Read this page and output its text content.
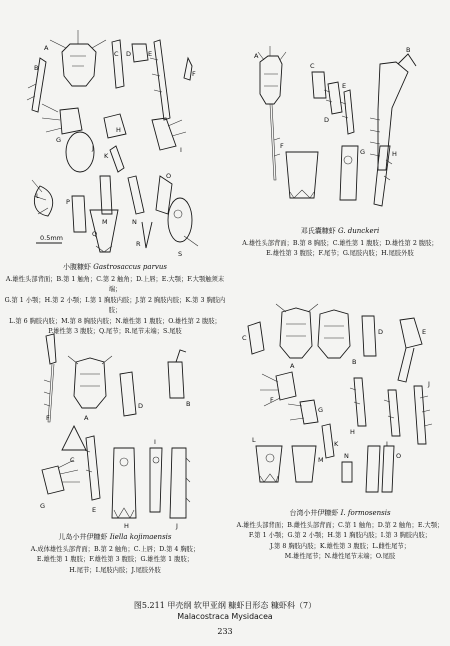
A
B
C D	E
F
G
H
I
J
K
L
M	N
O
P
Q
R
S
0.5mm
小腹糠虾 Gastrosaccus parvus
A.雄性头部背面；B.第 1 触角；C.第 2 触角；D.上唇；E.大颚；F.大颚触须末端；
G.第 1 小颚；H.第 2 小颚；I.第 1 胸肢内肢；J.第 2 胸肢内肢；K.第 3 胸肢内肢；
L.第 6 胸肢内肢；M.第 8 胸肢内肢；N.雄性第 1 腹肢；O.雄性第 2 腹肢；
P.雄性第 3 腹肢；Q.尾节；R.尾节末端；S.尾肢
A
B
C
D
E
F
G	H
邓氏囊糠虾 G. dunckeri
A.雄性头部背面；B.第 8 胸肢；C.雄性第 1 腹肢；D.雄性第 2 腹肢；
E.雄性第 3 腹肢；F.尾节；G.尾肢内肢；H.尾肢外肢
A
B
C
D
E
F
G
H
I
J
儿岛小井伊糠虾 Iiella kojimaensis
A.成体雄性头部背面；B.第 2 触角；C.上唇；D.第 4 胸肢；
E.雄性第 1 腹肢；F.雄性第 3 腹肢；G.雄性第 1 腹肢；
H.尾节；I.尾肢内肢；J.尾肢外肢
A	B
C
D	E
F
G
H
I
J
K
L
M	N	O
台湾小井伊糠虾 I. formosensis
A.雄性头部背面；B.雌性头部背面；C.第 1 触角；D.第 2 触角；E.大颚；
F.第 1 小颚；G.第 2 小颚；H.第 1 胸肢内肢；I.第 3 胸肢内肢；
J.第 8 胸肢内肢；K.雄性第 3 腹肢；L.雌性尾节；
M.雄性尾节；N.雄性尾节末端；O.尾肢
图5.211 甲壳纲 软甲亚纲 糠虾目形态 糠虾科（7）
Malacostraca Mysidacea
233
